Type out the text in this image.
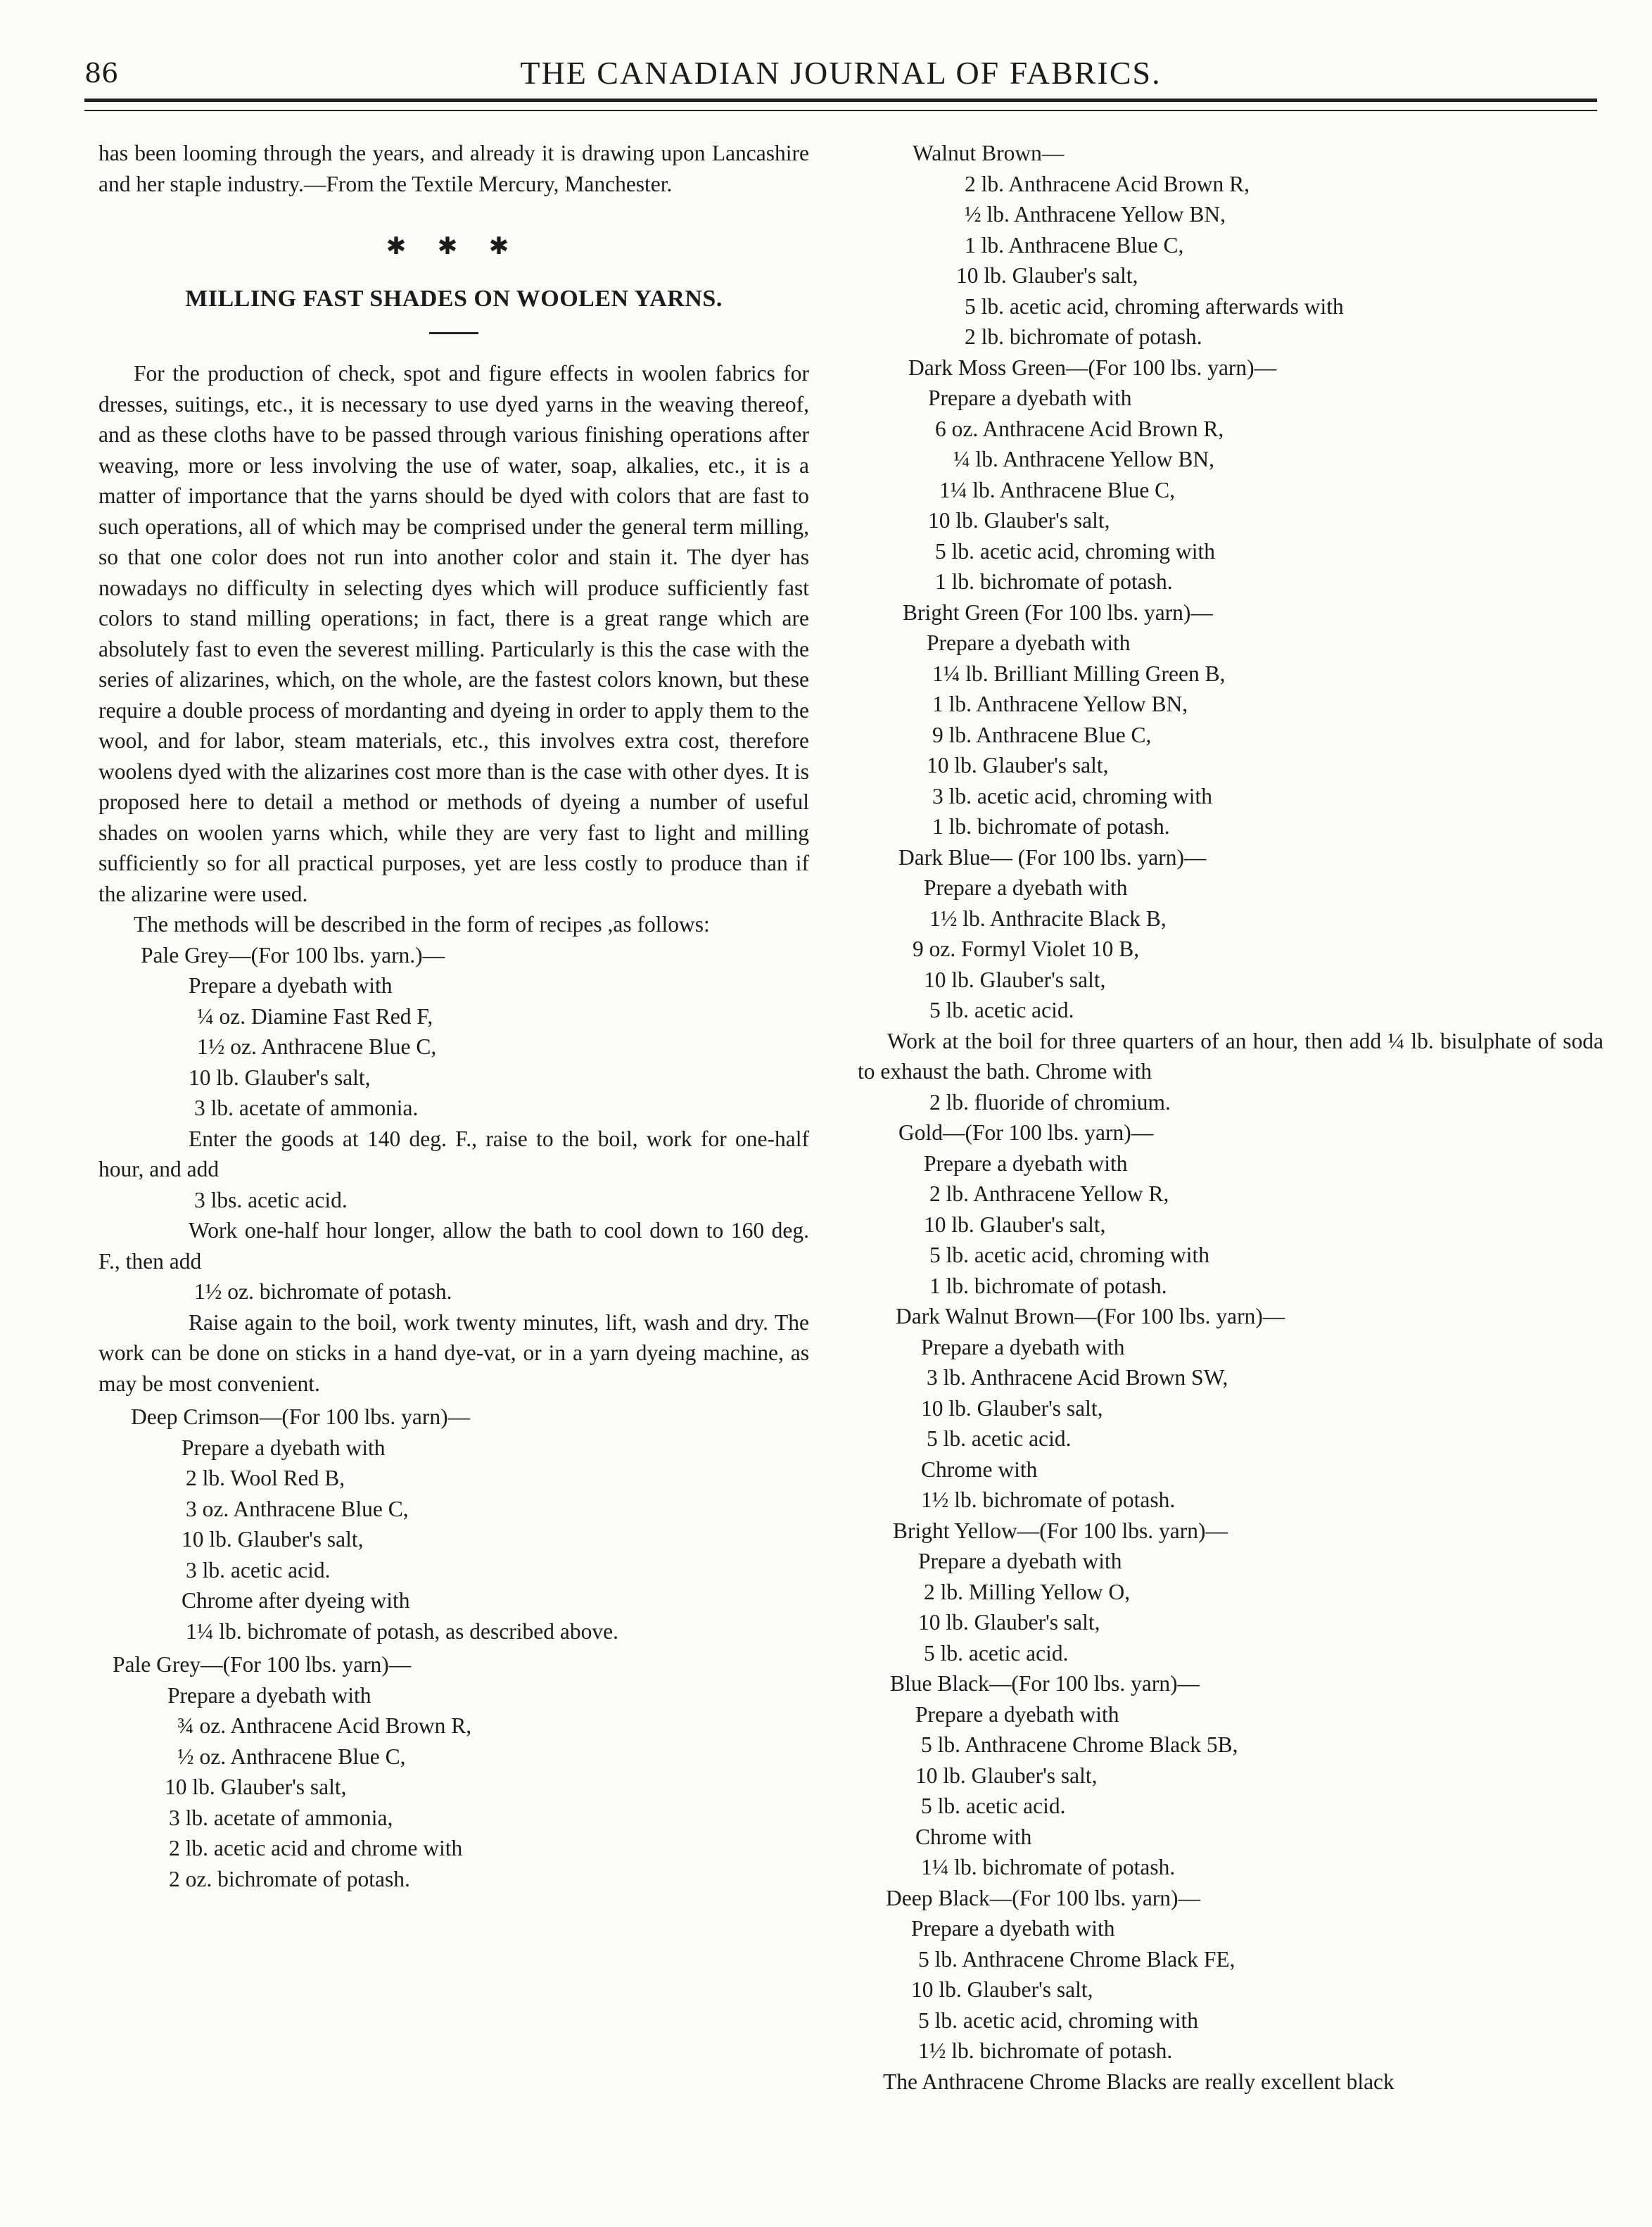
86	THE CANADIAN JOURNAL OF FABRICS.

has been looming through the years, and already it is drawing upon Lancashire and her staple industry.—From the Textile Mercury, Manchester.

✱ ✱ ✱
MILLING FAST SHADES ON WOOLEN YARNS.

For the production of check, spot and figure effects in woolen fabrics for dresses, suitings, etc., it is necessary to use dyed yarns in the weaving thereof, and as these cloths have to be passed through various finishing operations after weaving, more or less involving the use of water, soap, alkalies, etc., it is a matter of importance that the yarns should be dyed with colors that are fast to such operations, all of which may be comprised under the general term milling, so that one color does not run into another color and stain it. The dyer has nowadays no difficulty in selecting dyes which will produce sufficiently fast colors to stand milling operations; in fact, there is a great range which are absolutely fast to even the severest milling. Particularly is this the case with the series of alizarines, which, on the whole, are the fastest colors known, but these require a double process of mordanting and dyeing in order to apply them to the wool, and for labor, steam materials, etc., this involves extra cost, therefore woolens dyed with the alizarines cost more than is the case with other dyes. It is proposed here to detail a method or methods of dyeing a number of useful shades on woolen yarns which, while they are very fast to light and milling sufficiently so for all practical purposes, yet are less costly to produce than if the alizarine were used.

The methods will be described in the form of recipes ,as follows:

Pale Grey—(For 100 lbs. yarn.)—

Prepare a dyebath with

¼ oz. Diamine Fast Red F,

1½ oz. Anthracene Blue C,

10 lb. Glauber's salt,

3 lb. acetate of ammonia.

Enter the goods at 140 deg. F., raise to the boil, work for one-half hour, and add

3 lbs. acetic acid.

Work one-half hour longer, allow the bath to cool down to 160 deg. F., then add

1½ oz. bichromate of potash.

Raise again to the boil, work twenty minutes, lift, wash and dry. The work can be done on sticks in a hand dye-vat, or in a yarn dyeing machine, as may be most convenient.

Deep Crimson—(For 100 lbs. yarn)—

Prepare a dyebath with

2 lb. Wool Red B,

3 oz. Anthracene Blue C,

10 lb. Glauber's salt,

3 lb. acetic acid.

Chrome after dyeing with

1¼ lb. bichromate of potash, as described above.

Pale Grey—(For 100 lbs. yarn)—

Prepare a dyebath with

¾ oz. Anthracene Acid Brown R,

½ oz. Anthracene Blue C,

10 lb. Glauber's salt,

3 lb. acetate of ammonia,

2 lb. acetic acid and chrome with

2 oz. bichromate of potash.

Walnut Brown—

2 lb. Anthracene Acid Brown R,

½ lb. Anthracene Yellow BN,

1 lb. Anthracene Blue C,

10 lb. Glauber's salt,

5 lb. acetic acid, chroming afterwards with

2 lb. bichromate of potash.

Dark Moss Green—(For 100 lbs. yarn)—

Prepare a dyebath with

6 oz. Anthracene Acid Brown R,

¼ lb. Anthracene Yellow BN,

1¼ lb. Anthracene Blue C,

10 lb. Glauber's salt,

5 lb. acetic acid, chroming with

1 lb. bichromate of potash.

Bright Green (For 100 lbs. yarn)—

Prepare a dyebath with

1¼ lb. Brilliant Milling Green B,

1 lb. Anthracene Yellow BN,

9 lb. Anthracene Blue C,

10 lb. Glauber's salt,

3 lb. acetic acid, chroming with

1 lb. bichromate of potash.

Dark Blue— (For 100 lbs. yarn)—

Prepare a dyebath with

1½ lb. Anthracite Black B,

9 oz. Formyl Violet 10 B,

10 lb. Glauber's salt,

5 lb. acetic acid.

Work at the boil for three quarters of an hour, then add ¼ lb. bisulphate of soda to exhaust the bath. Chrome with

2 lb. fluoride of chromium.

Gold—(For 100 lbs. yarn)—

Prepare a dyebath with

2 lb. Anthracene Yellow R,

10 lb. Glauber's salt,

5 lb. acetic acid, chroming with

1 lb. bichromate of potash.

Dark Walnut Brown—(For 100 lbs. yarn)—

Prepare a dyebath with

3 lb. Anthracene Acid Brown SW,

10 lb. Glauber's salt,

5 lb. acetic acid.

Chrome with

1½ lb. bichromate of potash.

Bright Yellow—(For 100 lbs. yarn)—

Prepare a dyebath with

2 lb. Milling Yellow O,

10 lb. Glauber's salt,

5 lb. acetic acid.

Blue Black—(For 100 lbs. yarn)—

Prepare a dyebath with

5 lb. Anthracene Chrome Black 5B,

10 lb. Glauber's salt,

5 lb. acetic acid.

Chrome with

1¼ lb. bichromate of potash.

Deep Black—(For 100 lbs. yarn)—

Prepare a dyebath with

5 lb. Anthracene Chrome Black FE,

10 lb. Glauber's salt,

5 lb. acetic acid, chroming with

1½ lb. bichromate of potash.

The Anthracene Chrome Blacks are really excellent black
